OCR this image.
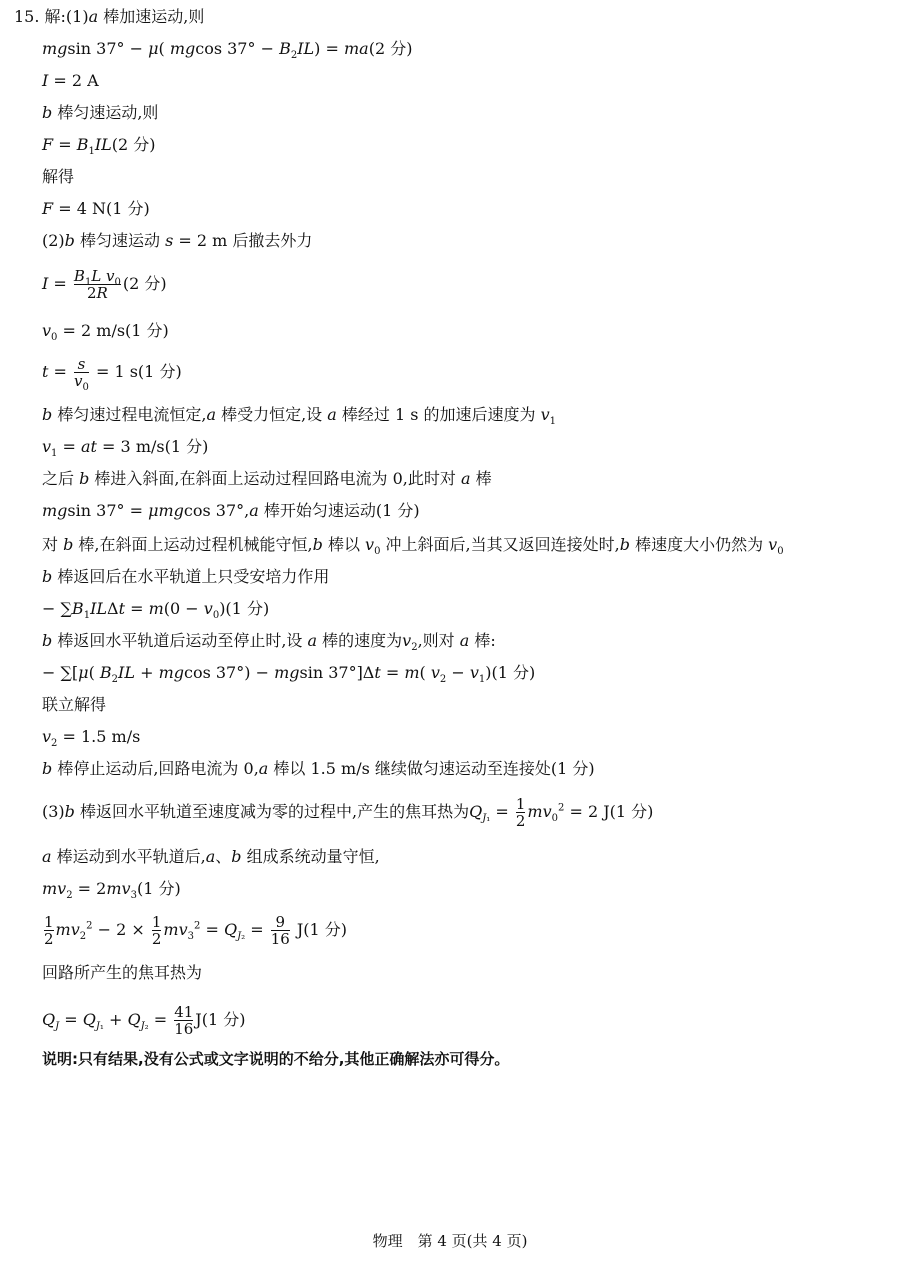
15. 解:(1)a 棒加速运动,则
mgsin 37° − μ( mgcos $37^\circ - B_2IL) = ma(2$ 分)
I = 2 A
b 棒匀速运动,则
$F = B_1IL(2$ 分)
解得
F = 4 N(1 分)
(2)b 棒匀速运动 s = 2 m 后撤去外力
$I = \frac{B_1L v_0}{2R} (2$ 分)
$v_0 = 2$ m/s(1 分)
$t = \frac{s}{v_0} = 1$ s(1 分)
b 棒匀速过程电流恒定,a 棒受力恒定,设 a 棒经过 1 s 的加速后速度为 $v_1$
$v_1$ = at = 3 m/s(1 分)
之后 b 棒进入斜面,在斜面上运动过程回路电流为 0,此时对 a 棒
mgsin 37° = μmgcos 37°,a 棒开始匀速运动(1 分)
对 b 棒,在斜面上运动过程机械能守恒,b 棒以 $v_0$ 冲上斜面后,当其又返回连接处时,b 棒速度大小仍然为 $v_0$
b 棒返回后在水平轨道上只受安培力作用
− $\sum B_1IL\Delta t = m(0 - v_0)(1$ 分)
b 棒返回水平轨道后运动至停止时,设 a 棒的速度为$v_2$,则对 a 棒:
− ∑[μ( $B_2IL + mgcos$ 37°) − mgsin 37°]Δt = m( $v_2 - v_1)(1$ 分)
联立解得
$v_2 = 1.5$ m/s
b 棒停止运动后,回路电流为 0,a 棒以 1.5 m/s 继续做匀速运动至连接处(1 分)
(3)b 棒返回水平轨道至速度减为零的过程中,产生的焦耳热为$Q_{J_1} = \frac{1}{2} mv_0^2 = 2$ J(1 分)
a 棒运动到水平轨道后,a、b 组成系统动量守恒,
$mv_2 = 2mv_3(1$ 分)
$\frac{1}{2} mv_2^2 - 2 \times \frac{1}{2} mv_3^2 = Q_{J_2} = \frac{9}{16} J(1$ 分)
回路所产生的焦耳热为
$Q_J = Q_{J_1} + Q_{J_2} = \frac{41}{16} J(1$ 分)
说明:只有结果,没有公式或文字说明的不给分,其他正确解法亦可得分。
物理　第 4 页(共 4 页)
